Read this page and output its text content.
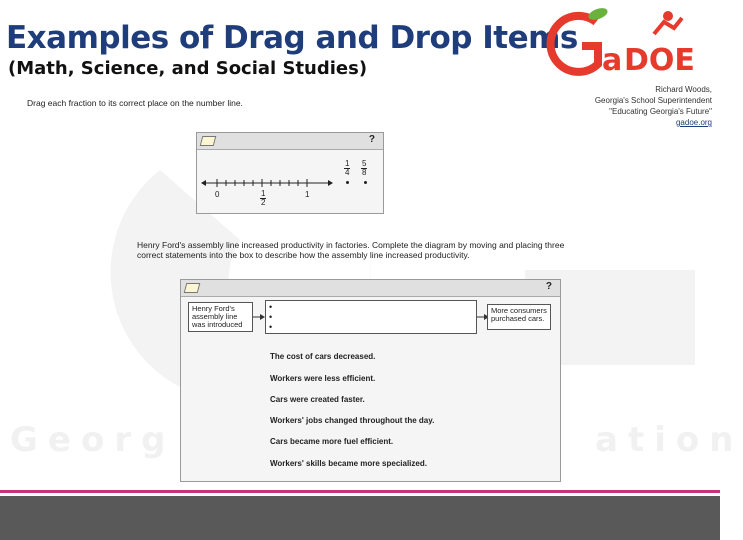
Georg	ation
Examples of Drag and Drop Items
(Math, Science, and Social Studies)	a DOE
Richard Woods,
Georgia's School Superintendent
"Educating Georgia's Future"
gadoe.org
Drag each fraction to its correct place on the number line.
?
$\frac{1}{4} \frac{5}{8}$
0	$\frac{1}{2}$	1
Henry Ford's assembly line increased productivity in factories. Complete the diagram by moving and placing three correct statements into the box to describe how the assembly line increased productivity.
?
Henry Ford's assembly line was introduced
•
•
•
More consumers purchased cars.
The cost of cars decreased.
Workers were less efficient.
Cars were created faster.
Workers' jobs changed throughout the day.
Cars became more fuel efficient.
Workers' skills became more specialized.
